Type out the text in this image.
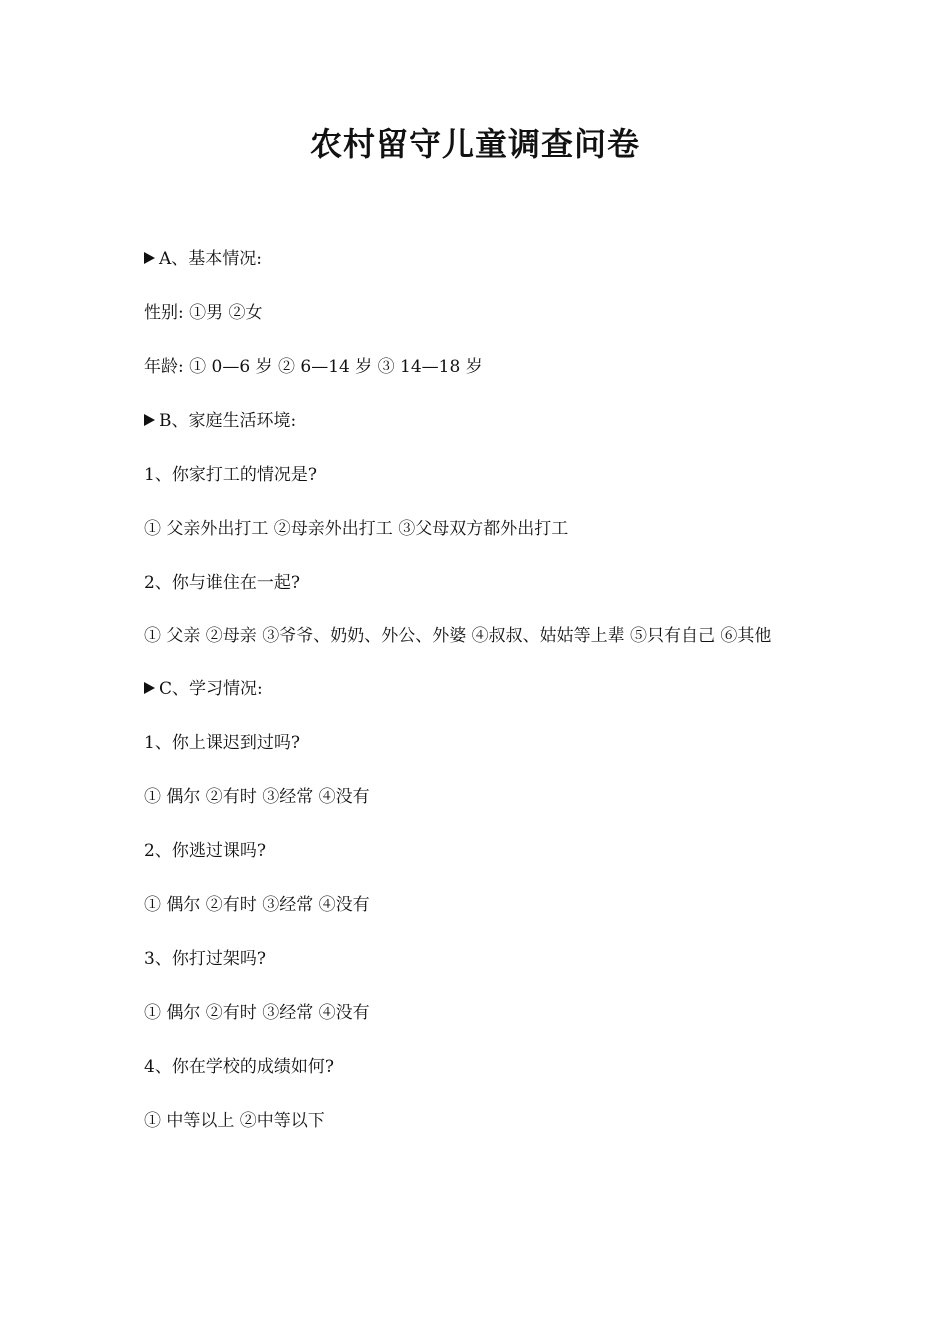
农村留守儿童调查问卷

A、基本情况:

性别: ①男 ②女

年龄: ① 0—6 岁 ② 6—14 岁 ③ 14—18 岁

B、家庭生活环境:

1、你家打工的情况是?

① 父亲外出打工 ②母亲外出打工 ③父母双方都外出打工

2、你与谁住在一起?

① 父亲 ②母亲 ③爷爷、奶奶、外公、外婆 ④叔叔、姑姑等上辈 ⑤只有自己 ⑥其他

C、学习情况:

1、你上课迟到过吗?

① 偶尔 ②有时 ③经常 ④没有

2、你逃过课吗?

① 偶尔 ②有时 ③经常 ④没有

3、你打过架吗?

① 偶尔 ②有时 ③经常 ④没有

4、你在学校的成绩如何?

① 中等以上 ②中等以下
